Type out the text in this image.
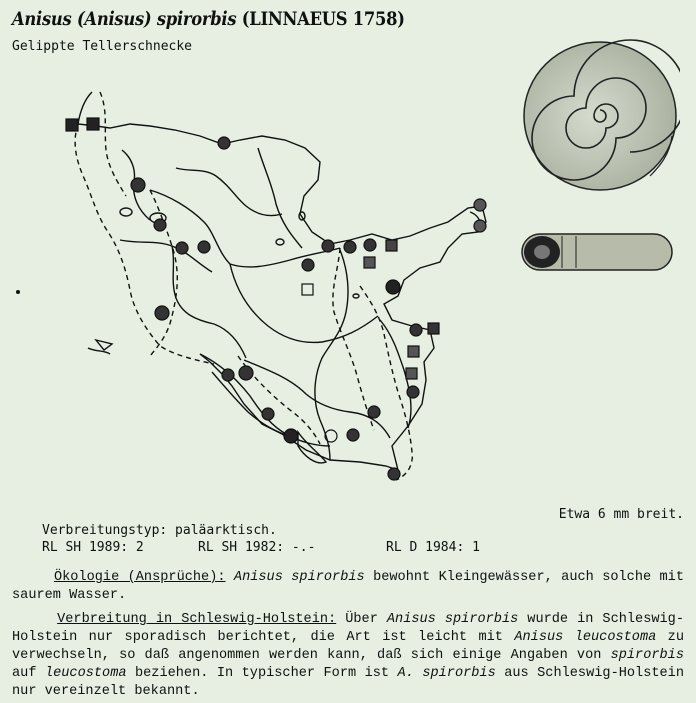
Anisus (Anisus) spirorbis (LINNAEUS 1758)
Gelippte Tellerschnecke
Etwa 6 mm breit.
Verbreitungstyp: paläarktisch.
RL SH 1989: 2	RL SH 1982: -.-	RL D 1984: 1
Ökologie (Ansprüche): Anisus spirorbis bewohnt Kleingewässer, auch solche mit saurem Wasser.
Verbreitung in Schleswig-Holstein: Über Anisus spirorbis wurde in Schleswig-Holstein nur sporadisch berichtet, die Art ist leicht mit Anisus leucostoma zu verwechseln, so daß angenommen werden kann, daß sich einige Angaben von spirorbis auf leucostoma beziehen. In typischer Form ist A. spirorbis aus Schleswig-Holstein nur vereinzelt bekannt.
